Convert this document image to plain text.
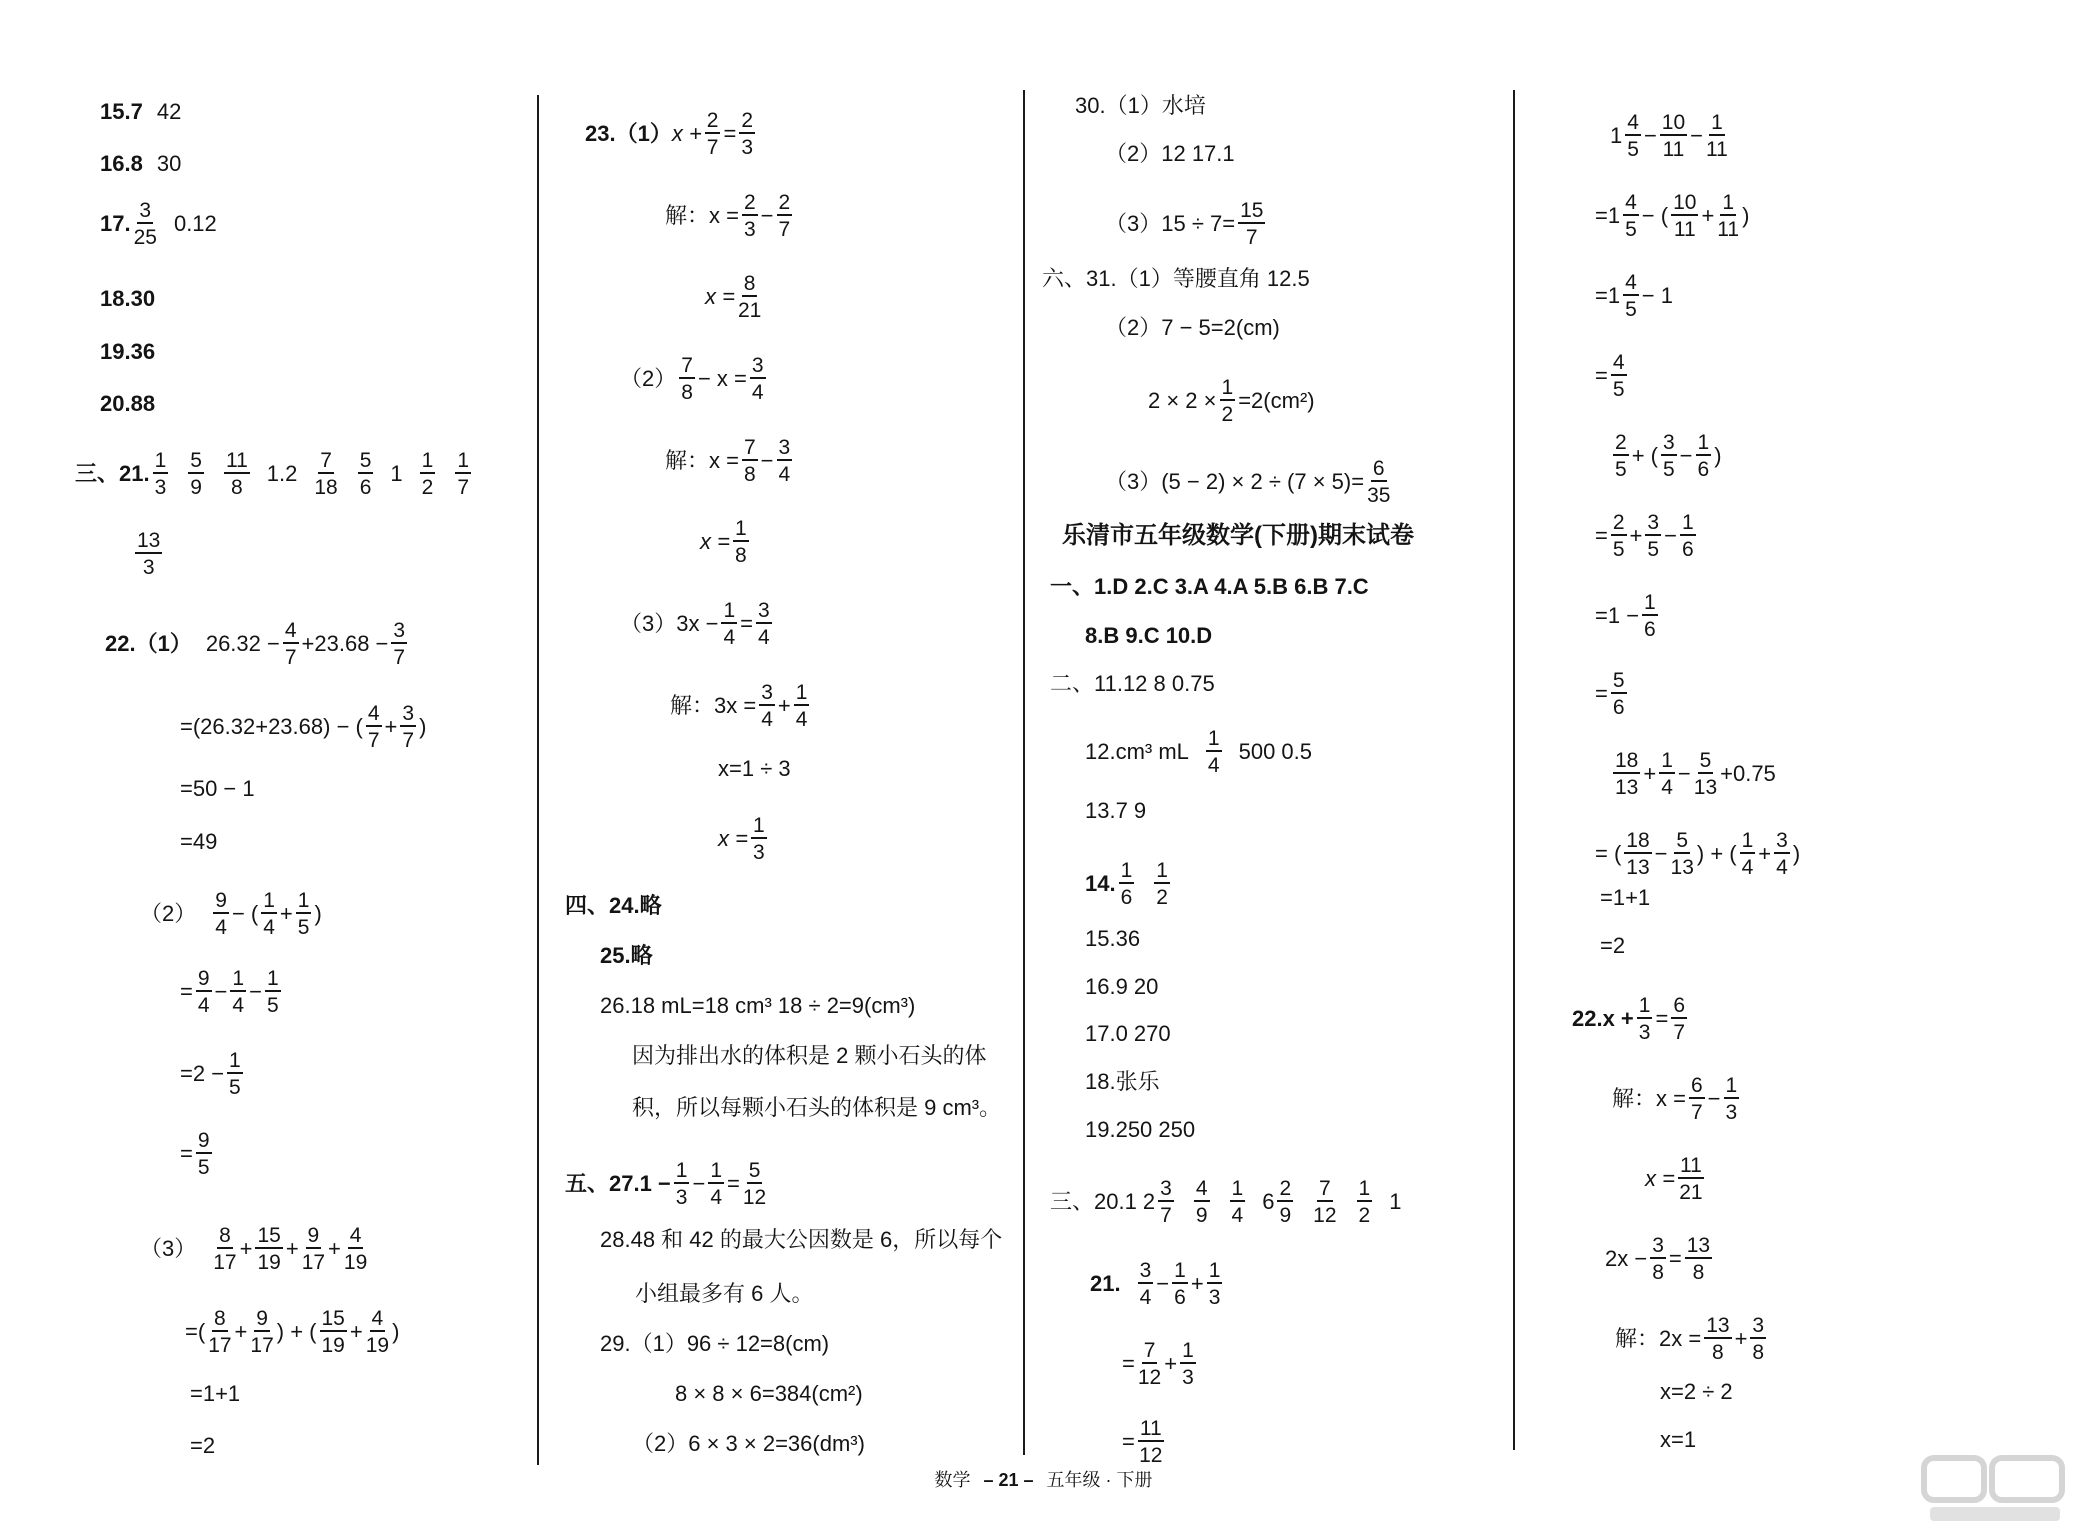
15.7 42
16.8 30
17. $\frac{3}{25} 0.12$
18.30
19.36
20.88
三、21. $\frac{1}{3} \frac{5}{9} \frac{11}{8} 1.2 \frac{7}{18} \frac{5}{6} 1 \frac{1}{2} \frac{1}{7}$
$\frac{13}{3}$
22.（1） $26.32 - \frac{4}{7} +23.68 - \frac{3}{7}$
=(26.32+23.68) − ( $\frac{4}{7} + \frac{3}{7}$ )
=50 − 1
=49
$(2) \frac{9}{4}$ − ( $\frac{1}{4} + \frac{1}{5}$ )
= $\frac{9}{4} - \frac{1}{4} - \frac{1}{5}$
$=2 - \frac{1}{5}$
= $\frac{9}{5}$
$(3) \frac{8}{17} + \frac{15}{19} + \frac{9}{17} + \frac{4}{19}$
=( $\frac{8}{17} + \frac{9}{17}$ ) + ( $\frac{15}{19} + \frac{4}{19}$ )
=1+1
=2
23.（1） $x + \frac{2}{7} = \frac{2}{3}$
解：$x = \frac{2}{3} - \frac{2}{7}$
$x = \frac{8}{21}$
$(2) \frac{7}{8} - x = \frac{3}{4}$
解：$x = \frac{7}{8} - \frac{3}{4}$
$x = \frac{1}{8}$
$(3)3x - \frac{1}{4} = \frac{3}{4}$
解：$3x = \frac{3}{4} + \frac{1}{4}$
x=1 ÷ 3
$x = \frac{1}{3}$
四、24.略
25.略
26.18 mL=18 cm³ 18 ÷ 2=9(cm³)
因为排出水的体积是 2 颗小石头的体
积，所以每颗小石头的体积是 9 cm³。
五、$27.1 - \frac{1}{3} - \frac{1}{4} = \frac{5}{12}$
28.48 和 42 的最大公因数是 6，所以每个
小组最多有 6 人。
29.（1）96 ÷ 12=8(cm)
8 × 8 × 6=384(cm²)
（2）6 × 3 × 2=36(dm³)
30.（1）水培
（2）12 17.1
$(3)15 \div 7= \frac{15}{7}$
六、31.（1）等腰直角 12.5
（2）7 − 5=2(cm)
$2 \times 2 \times \frac{1}{2} =2(cm^2)$
$(3)(5 - 2) \times 2 \div (7 \times 5)= \frac{6}{35}$
乐清市五年级数学(下册)期末试卷
一、1.D 2.C 3.A 4.A 5.B 6.B 7.C
8.B 9.C 10.D
二、11.12 8 0.75
12.cm³ mL $\frac{1}{4} 500$ 0.5
13.7 9
14. $\frac{1}{6} \frac{1}{2}$
15.36
16.9 20
17.0 270
18.张乐
19.250 250
三、20.1 $2 \frac{3}{7} \frac{4}{9} \frac{1}{4} 6 \frac{2}{9} \frac{7}{12} \frac{1}{2} 1$
21. $\frac{3}{4} - \frac{1}{6} + \frac{1}{3}$
= $\frac{7}{12} + \frac{1}{3}$
= $\frac{11}{12}$
$1 \frac{4}{5} - \frac{10}{11} - \frac{1}{11}$
$=1 \frac{4}{5}$ − ( $\frac{10}{11} + \frac{1}{11}$ )
$=1 \frac{4}{5} - 1$
= $\frac{4}{5}$
$\frac{2}{5}$ + ( $\frac{3}{5} - \frac{1}{6}$ )
= $\frac{2}{5} + \frac{3}{5} - \frac{1}{6}$
$=1 - \frac{1}{6}$
= $\frac{5}{6}$
$\frac{18}{13} + \frac{1}{4} - \frac{5}{13} +0.75$
= ( $\frac{18}{13} - \frac{5}{13}$ ) + ( $\frac{1}{4} + \frac{3}{4}$ )
=1+1
=2
$22.x + \frac{1}{3} = \frac{6}{7}$
解：$x = \frac{6}{7} - \frac{1}{3}$
$x = \frac{11}{21}$
$2x - \frac{3}{8} = \frac{13}{8}$
解：$2x = \frac{13}{8} + \frac{3}{8}$
x=2 ÷ 2
x=1
数学 – 21 – 五年级 · 下册
